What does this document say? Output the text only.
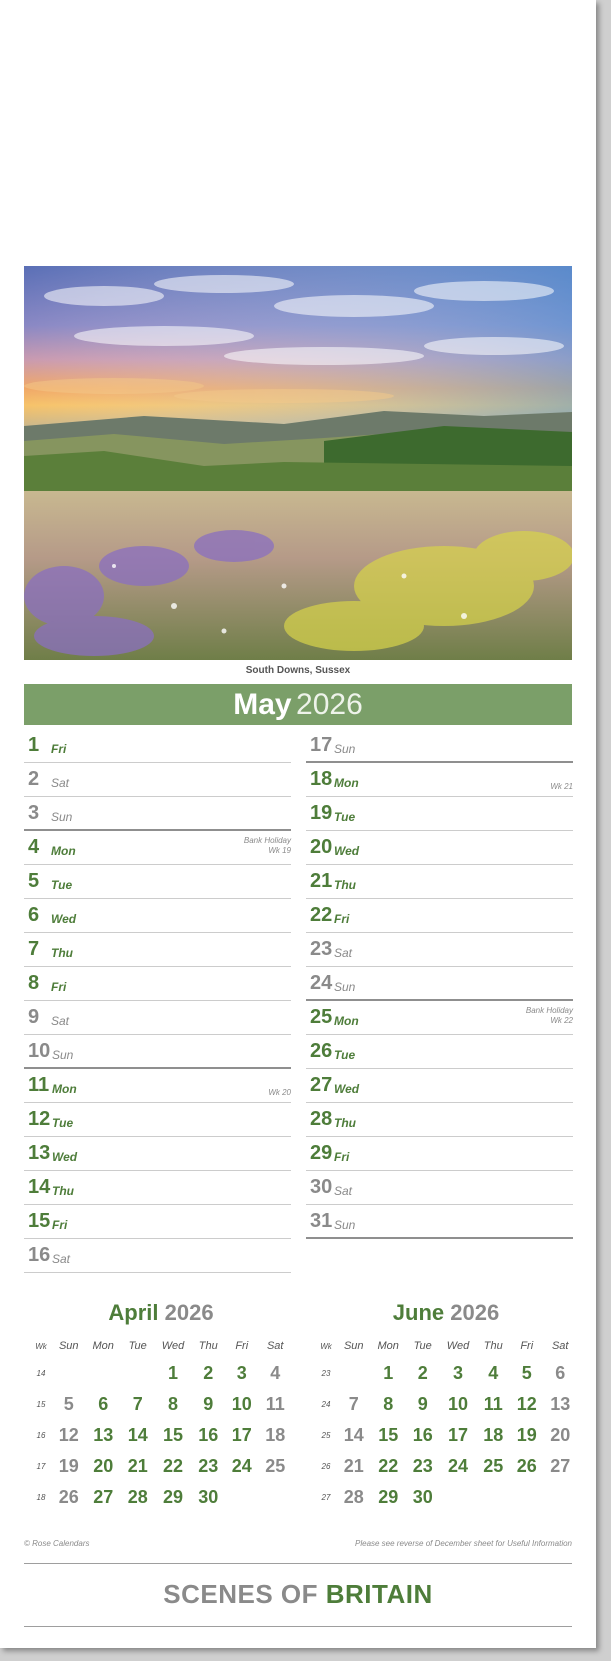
South Downs, Sussex
May 2026
1 Fri
2 Sat
3 Sun
4 Mon
Bank Holiday
Wk 19
5 Tue
6 Wed
7 Thu
8 Fri
9 Sat
10 Sun
11 Mon	Wk 20
12 Tue
13 Wed
14 Thu
15 Fri
16 Sat
17 Sun
18 Mon	Wk 21
19 Tue
20 Wed
21 Thu
22 Fri
23 Sat
24 Sun
25 Mon
Bank Holiday
Wk 22
26 Tue
27 Wed
28 Thu
29 Fri
30 Sat
31 Sun
April 2026
Wk	Sun	Mon	Tue	Wed	Thu	Fri	Sat
14				1	2	3	4
15	5	6	7	8	9	10	11
16	12	13	14	15	16	17	18
17	19	20	21	22	23	24	25
18	26	27	28	29	30		
June 2026
Wk	Sun	Mon	Tue	Wed	Thu	Fri	Sat
23		1	2	3	4	5	6
24	7	8	9	10	11	12	13
25	14	15	16	17	18	19	20
26	21	22	23	24	25	26	27
27	28	29	30				
© Rose Calendars	Please see reverse of December sheet for Useful Information
SCENES OF BRITAIN
